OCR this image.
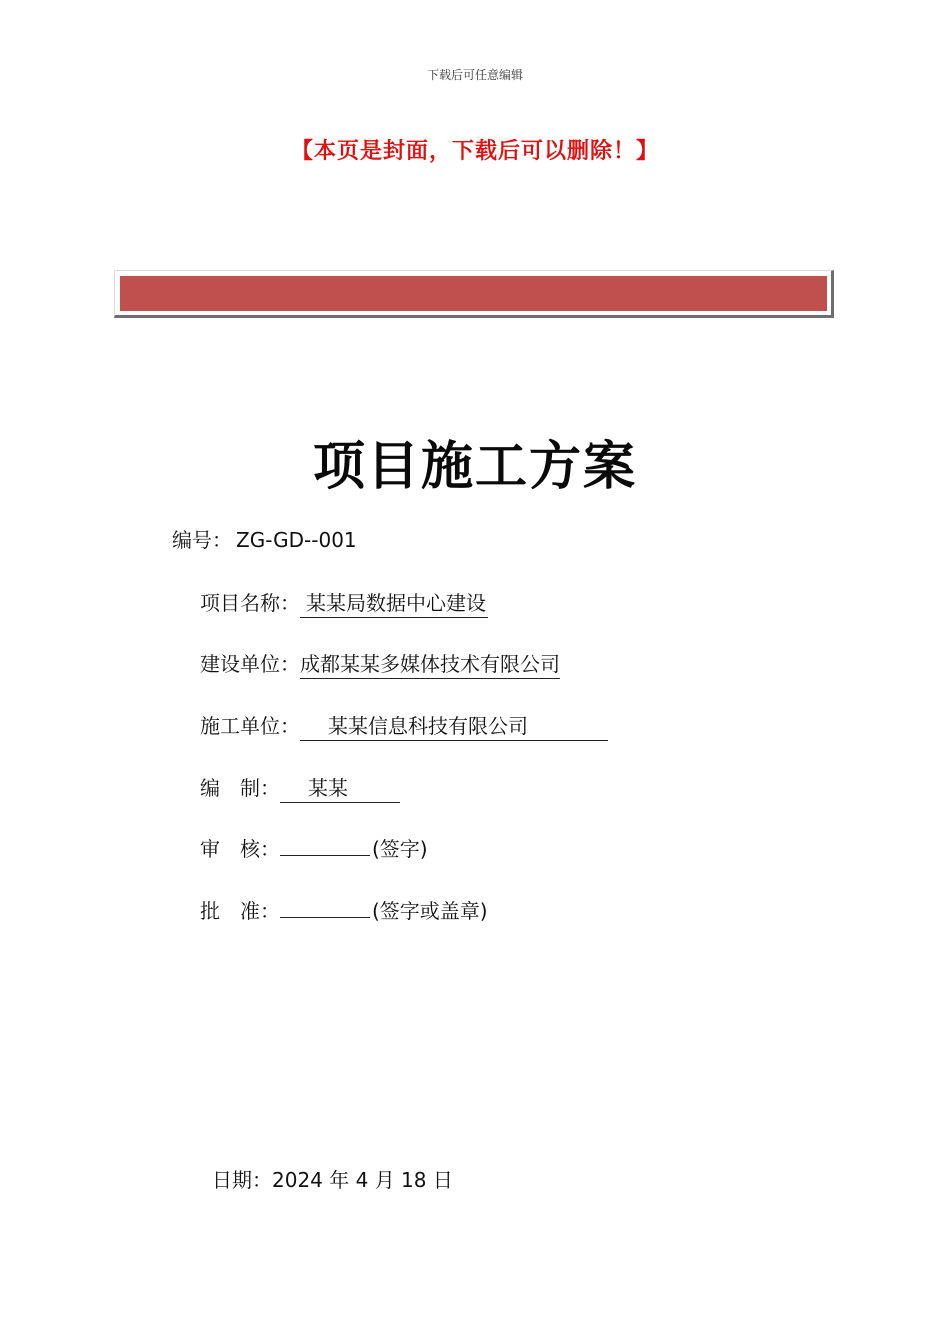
下载后可任意编辑
【本页是封面，下载后可以删除！】
项目施工方案
编号： ZG-GD--001
项目名称： 某某局数据中心建设
建设单位：成都某某多媒体技术有限公司
施工单位： 某某信息科技有限公司
编　制： 某某
审　核：	(签字)
批　准：	(签字或盖章)
日期：2024 年 4 月 18 日
